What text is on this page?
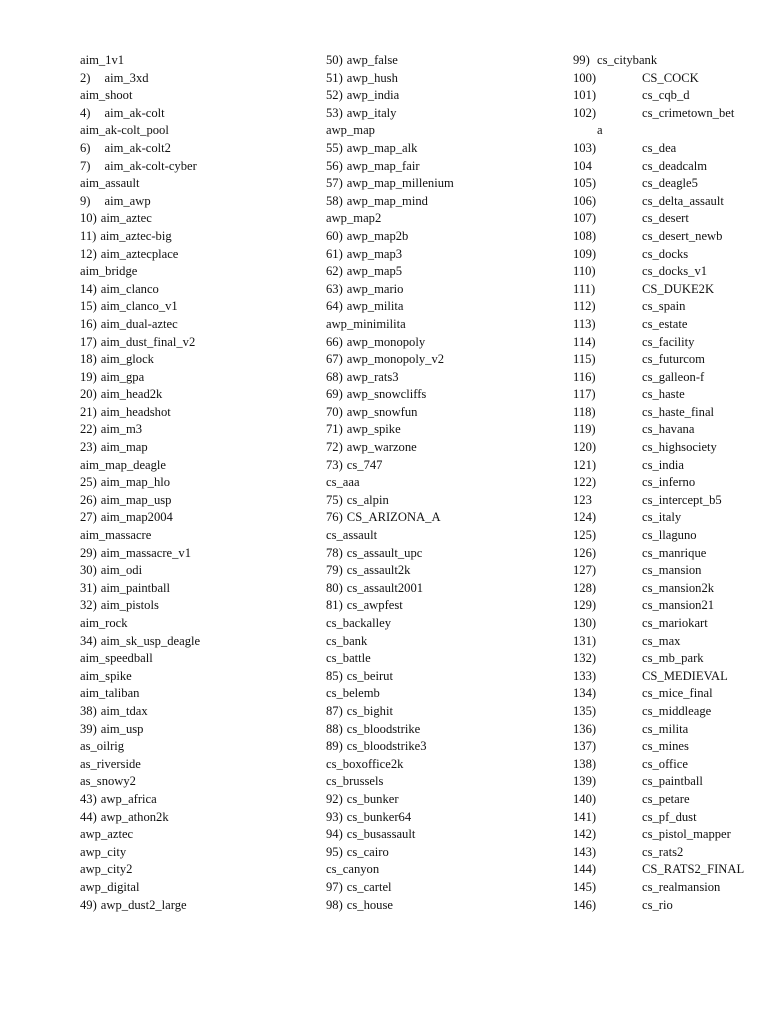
aim_1v1
2) aim_3xd
aim_shoot
4) aim_ak-colt
aim_ak-colt_pool
6) aim_ak-colt2
7) aim_ak-colt-cyber
aim_assault
9) aim_awp
10) aim_aztec
11) aim_aztec-big
12) aim_aztecplace
aim_bridge
14) aim_clanco
15) aim_clanco_v1
16) aim_dual-aztec
17) aim_dust_final_v2
18) aim_glock
19) aim_gpa
20) aim_head2k
21) aim_headshot
22) aim_m3
23) aim_map
aim_map_deagle
25) aim_map_hlo
26) aim_map_usp
27) aim_map2004
aim_massacre
29) aim_massacre_v1
30) aim_odi
31) aim_paintball
32) aim_pistols
aim_rock
34) aim_sk_usp_deagle
aim_speedball
aim_spike
aim_taliban
38) aim_tdax
39) aim_usp
as_oilrig
as_riverside
as_snowy2
43) awp_africa
44) awp_athon2k
awp_aztec
awp_city
awp_city2
awp_digital
49) awp_dust2_large
50) awp_false
51) awp_hush
52) awp_india
53) awp_italy
awp_map
55) awp_map_alk
56) awp_map_fair
57) awp_map_millenium
58) awp_map_mind
awp_map2
60) awp_map2b
61) awp_map3
62) awp_map5
63) awp_mario
64) awp_milita
awp_minimilita
66) awp_monopoly
67) awp_monopoly_v2
68) awp_rats3
69) awp_snowcliffs
70) awp_snowfun
71) awp_spike
72) awp_warzone
73) cs_747
cs_aaa
75) cs_alpin
76) CS_ARIZONA_A
cs_assault
78) cs_assault_upc
79) cs_assault2k
80) cs_assault2001
81) cs_awpfest
cs_backalley
cs_bank
cs_battle
85) cs_beirut
cs_belemb
87) cs_bighit
88) cs_bloodstrike
89) cs_bloodstrike3
cs_boxoffice2k
cs_brussels
92) cs_bunker
93) cs_bunker64
94) cs_busassault
95) cs_cairo
cs_canyon
97) cs_cartel
98) cs_house
99) cs_citybank
100)	CS_COCK
101)	cs_cqb_d
102)	cs_crimetown_bet
a
103)	cs_dea
104	cs_deadcalm
105)	cs_deagle5
106)	cs_delta_assault
107)	cs_desert
108)	cs_desert_newb
109)	cs_docks
110)	cs_docks_v1
111)	CS_DUKE2K
112)	cs_spain
113)	cs_estate
114)	cs_facility
115)	cs_futurcom
116)	cs_galleon-f
117)	cs_haste
118)	cs_haste_final
119)	cs_havana
120)	cs_highsociety
121)	cs_india
122)	cs_inferno
123	cs_intercept_b5
124)	cs_italy
125)	cs_llaguno
126)	cs_manrique
127)	cs_mansion
128)	cs_mansion2k
129)	cs_mansion21
130)	cs_mariokart
131)	cs_max
132)	cs_mb_park
133)	CS_MEDIEVAL
134)	cs_mice_final
135)	cs_middleage
136)	cs_milita
137)	cs_mines
138)	cs_office
139)	cs_paintball
140)	cs_petare
141)	cs_pf_dust
142)	cs_pistol_mapper
143)	cs_rats2
144)	CS_RATS2_FINAL
145)	cs_realmansion
146)	cs_rio
